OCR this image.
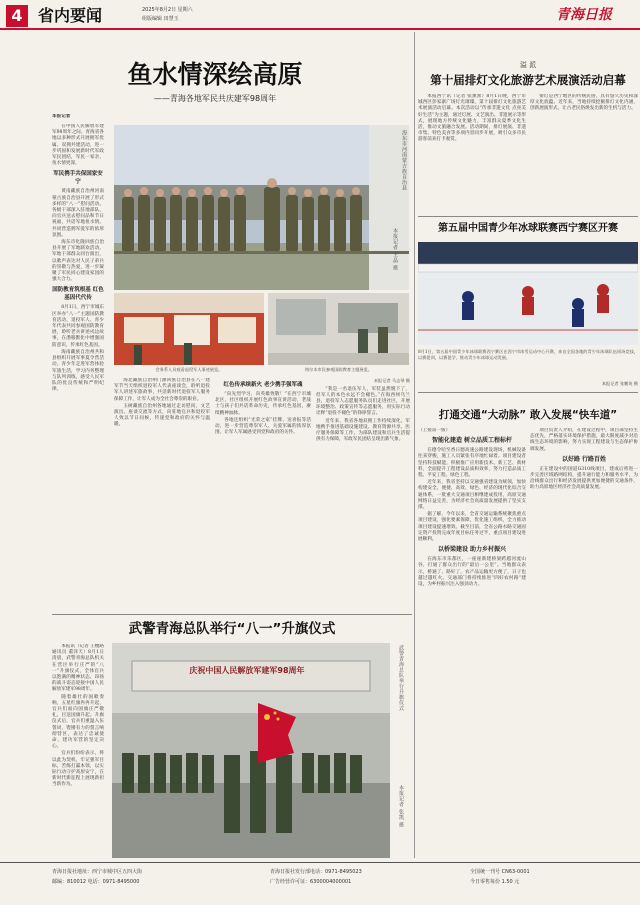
4 省内要闻	2025年8月2日 星期六
组版编辑 田慧玉	青海日报
鱼水情深绘高原
——青海各地军民共庆建军98周年
本报记者

在中国人民解放军建军98周年之际，青海省各地以多种形式开展拥军优属、双拥共建活动，进一步巩固和发展新时代军政军民团结，军民一家亲、鱼水情更深。

军民携手共保国家安宁

黄南藏族自治州河南蒙古族自治县开展了形式多样的“八一”慰问活动。各级干部深入驻地部队，向官兵送去慰问品和节日祝福，共话军地鱼水情。共同营造拥军爱军的浓厚氛围。

海东市化隆回族自治县开展了军地联欢活动。军地干部群众同台演出，以歌声表达对人民子弟兵的崇敬与热爱，进一步凝聚了军民同心建设家园的强大合力。

国防教育筑根基 红色基因代代传

8月1日，西宁市城东区举办“八一”主题国防教育活动，退役军人、青少年代表共同参观国防教育展，聆听老兵讲述戍边故事，在潜移默化中增强国防意识，传承红色基因。

海南藏族自治州共和县组织开展军事夏令营活动，青少年走进军营体验军旅生活，学习内务整理与队列训练，感受人民军队的优良传统和严明纪律。

海东市河南蒙古族自治县
本报记者 王晶 摄
会务系人员观看退役军人事迹展览。	格尔木市民参观国防教育主题展览。

海北藏族自治州门源回族自治县在八一建军节当天组织退役军人代表座谈会，聆听退役军人讲述军旅故事，共话新时代退役军人服务保障工作，让军人成为全社会尊崇的职业。

玉树藏族自治州各地通过走访慰问、文艺演出、座谈交流等方式，向驻地官兵和退役军人致以节日问候，传递党和政府的关怀与温暖。

红色传承续新火 老少携手强军魂

“向先烈学习，向英雄致敬！”在西宁市城北区，社区组织开展红色故事宣讲活动，老战士与孩子们共话革命历史，传承红色基因，赓续精神血脉。

各地还组织“光荣之家”挂牌、送喜报等活动，进一步营造尊崇军人、关爱军属的浓厚氛围，让军人军属感受到党和政府的关怀。

本报记者 马志琴 摄

“我是一名退伍军人，军装虽然脱下了，但军人的本色永远不会褪色。”在海西州乌兰县，退役军人志愿服务队员们走进社区，开展环境整治、政策宣传等志愿服务，用实际行动诠释“退役不褪色”的铮铮誓言。

近年来，我省各地双拥工作持续深化，军地携手推进基础设施建设、教育资源共享、医疗服务保障等工作，为部队建设和官兵生活提供有力保障，军政军民团结呈现出新气象。

武警青海总队举行“八一”升旗仪式

本报讯（记者 王樱路 通讯员 董泽天）8月1日清晨，武警青海总队机关在营区举行庄严的“八一”升旗仪式，全体官兵以饱满的精神状态、昂扬的战斗姿态迎接中国人民解放军建军98周年。

随着雄壮的国歌奏响，五星红旗冉冉升起，官兵们面向国旗庄严敬礼，目送国旗升起。升旗仪式后，官兵们重温入伍誓词，铿锵有力的誓言响彻营区，表达了忠诚使命、建功军营的坚定决心。

官兵们纷纷表示，将以此为契机，牢记强军目标，苦练打赢本领，以实际行动守护高原安宁，在新时代新征程上展现新担当新作为。

庆祝中国人民解放军建军98周年	武警青海总队举行升旗仪式
本报记者 张凯 摄
溢 派
第十届排灯文化旅游艺术展演活动启幕

本报西宁讯（记者 张薰蕾）8月1日晚，西宁市城西区彭家寨广场灯光璀璨，第十届排灯文化旅游艺术展演活动启幕。本次活动以“传承非遗文化 点亮美好生活”为主题，通过灯展、文艺演出、非遗展示等形式，展现地方传统文化魅力，丰富群众夏季文化生活，推动文旅融合发展。活动期间，排灯展演、非遗市集、特色美食等多项内容同步开展，吸引众多市民游客前来打卡观赏。

排灯是西宁地区的传统民俗，具有悠久历史和深厚文化底蕴。近年来，当地持续挖掘排灯文化内涵，创新展演形式，让古老民俗焕发出新的生机与活力。

第五届中国青少年冰球联赛西宁赛区开赛
8月1日，第五届中国青少年冰球联赛西宁赛区在西宁市冰雪运动中心开赛，来自全国各地的青少年冰球队伍同场竞技，以赛促训，以赛促学，推动青少年冰球运动发展。
本报记者 张鹏英 摄
打通交通“大动脉” 敢入发展“快车道”
（上接第一版）
智能化建造 树立品质工程标杆

在德令哈至香日德高速公路建设现场，机械设备往来穿梭，施工人员紧张有序地忙碌着。项目建设者坚持科技赋能，积极推广应用新技术、新工艺、新材料，全面提升工程建设品质和效率，努力打造品质工程、平安工程、绿色工程。

近年来，我省坚持以交通强省建设为统领，加快构建安全、便捷、高效、绿色、经济的现代化综合交通体系，一批重大交通项目相继建成投用，高原交通网络日益完善，为经济社会高质量发展提供了坚实支撑。

据了解，今年以来，全省交通运输系统聚焦重点项目建设，强化要素保障，优化施工组织，全力推动项目建设提速增效。截至目前，全省公路水路交通固定资产投资完成年度目标任务过半，重点项目建设进展顺利。

以桥梁建设 助力乡村振兴

在海东市乐都区，一座座新建桥梁跨越河流山谷，打通了群众出行的“最后一公里”。当地群众表示，桥通了、路好了，农产品运输更方便了，日子也越过越红火。交通部门将持续推进“四好农村路”建设，为乡村振兴注入强劲动力。

项目负责人介绍，在建设过程中，项目部坚持生态优先，严格落实环境保护措施，最大限度减少对沿线生态环境的影响，努力实现工程建设与生态保护协调发展。

以好路 行路百姓

正在建设中的国道G310线项目，建成后将进一步完善区域路网结构，提升通行能力和服务水平，为沿线群众出行和经济发展提供更加便捷的交通条件，助力高原地区经济社会高质量发展。

青海日报社地址：西宁市城中区五四大街
邮编：810012 电话：0971-8495000
青海日报社发行部电话：0971-8495023
广告经营许可证：6300004000001
全国统一刊号 CN63-0001
今日零售每份 1.50 元
